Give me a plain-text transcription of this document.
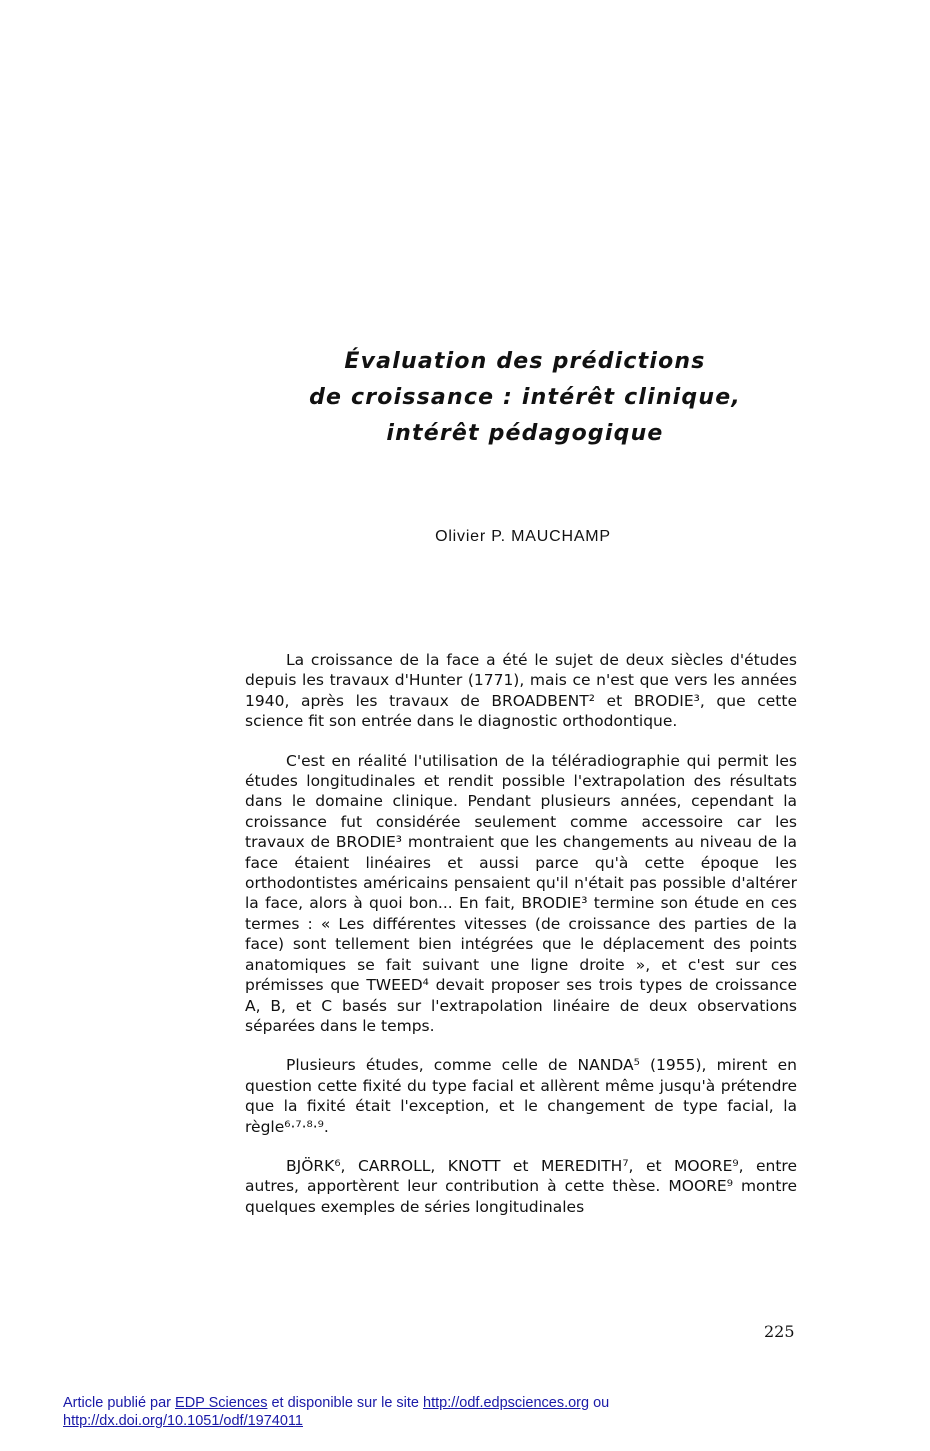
Évaluation des prédictions
de croissance : intérêt clinique,
intérêt pédagogique
Olivier P. MAUCHAMP

La croissance de la face a été le sujet de deux siècles d'études depuis les travaux d'Hunter (1771), mais ce n'est que vers les années 1940, après les travaux de BROADBENT² et BRODIE³, que cette science fit son entrée dans le diagnostic orthodontique.

C'est en réalité l'utilisation de la téléradiographie qui permit les études longitudinales et rendit possible l'extrapolation des résultats dans le domaine clinique. Pendant plusieurs années, cependant la croissance fut considérée seulement comme accessoire car les travaux de BRODIE³ montraient que les changements au niveau de la face étaient linéaires et aussi parce qu'à cette époque les orthodontistes américains pensaient qu'il n'était pas possible d'altérer la face, alors à quoi bon... En fait, BRODIE³ termine son étude en ces termes : « Les différentes vitesses (de croissance des parties de la face) sont tellement bien intégrées que le déplacement des points anatomiques se fait suivant une ligne droite », et c'est sur ces prémisses que TWEED⁴ devait proposer ses trois types de croissance A, B, et C basés sur l'extrapolation linéaire de deux observations séparées dans le temps.

Plusieurs études, comme celle de NANDA⁵ (1955), mirent en question cette fixité du type facial et allèrent même jusqu'à prétendre que la fixité était l'exception, et le changement de type facial, la règle⁶·⁷·⁸·⁹.

BJÖRK⁶, CARROLL, KNOTT et MEREDITH⁷, et MOORE⁹, entre autres, apportèrent leur contribution à cette thèse. MOORE⁹ montre quelques exemples de séries longitudinales

225
Article publié par EDP Sciences et disponible sur le site http://odf.edpsciences.org ou
http://dx.doi.org/10.1051/odf/1974011
